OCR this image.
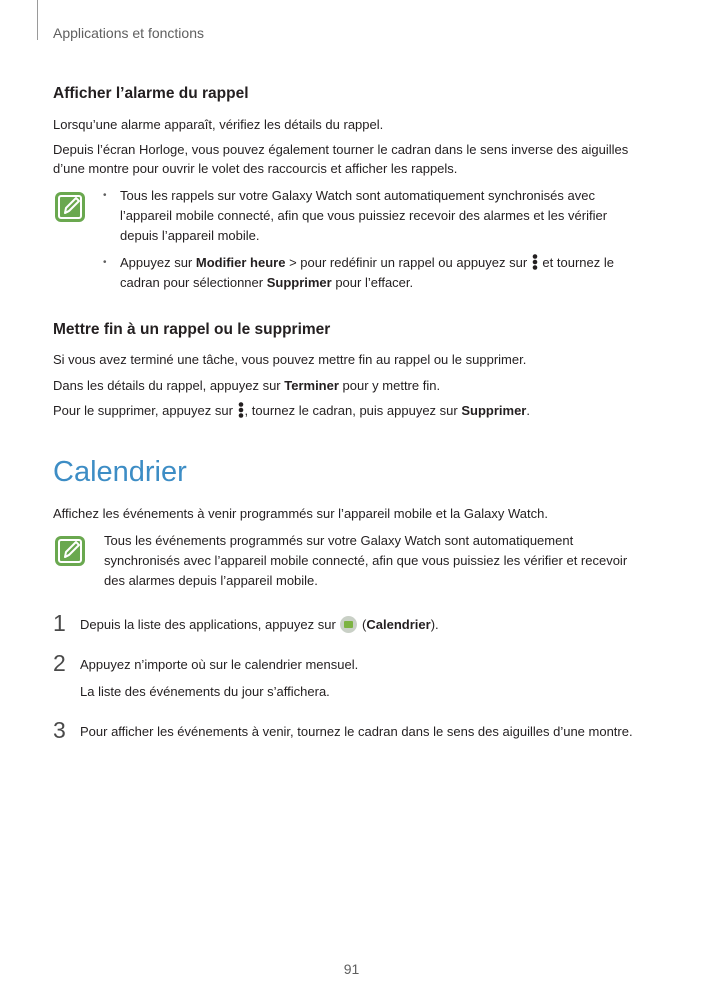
Applications et fonctions
Afficher l’alarme du rappel
Lorsqu’une alarme apparaît, vérifiez les détails du rappel.
Depuis l’écran Horloge, vous pouvez également tourner le cadran dans le sens inverse des aiguilles d’une montre pour ouvrir le volet des raccourcis et afficher les rappels.
• Tous les rappels sur votre Galaxy Watch sont automatiquement synchronisés avec l’appareil mobile connecté, afin que vous puissiez recevoir des alarmes et les vérifier depuis l’appareil mobile.
• Appuyez sur Modifier heure > pour redéfinir un rappel ou appuyez sur  et tournez le cadran pour sélectionner Supprimer pour l’effacer.
Mettre fin à un rappel ou le supprimer
Si vous avez terminé une tâche, vous pouvez mettre fin au rappel ou le supprimer.
Dans les détails du rappel, appuyez sur Terminer pour y mettre fin.
Pour le supprimer, appuyez sur , tournez le cadran, puis appuyez sur Supprimer.
Calendrier
Affichez les événements à venir programmés sur l’appareil mobile et la Galaxy Watch.
Tous les événements programmés sur votre Galaxy Watch sont automatiquement synchronisés avec l’appareil mobile connecté, afin que vous puissiez les vérifier et recevoir des alarmes depuis l’appareil mobile.
1 Depuis la liste des applications, appuyez sur  (Calendrier).
2 Appuyez n’importe où sur le calendrier mensuel.
La liste des événements du jour s’affichera.
3 Pour afficher les événements à venir, tournez le cadran dans le sens des aiguilles d’une montre.
91
